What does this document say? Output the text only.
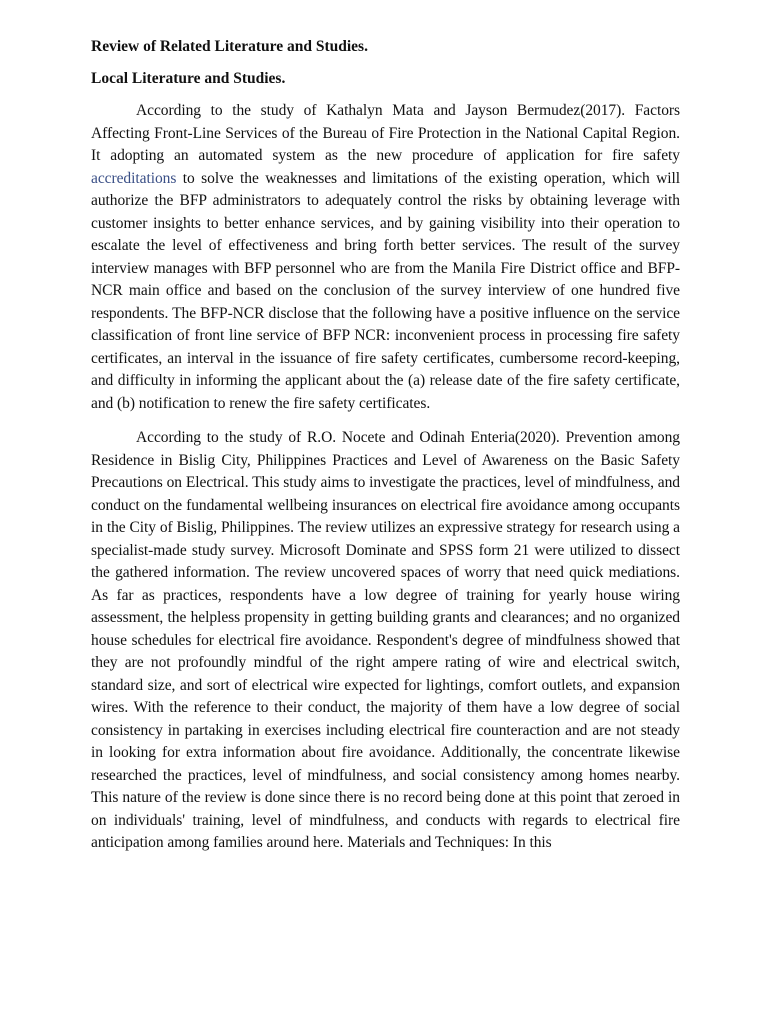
Review of Related Literature and Studies.

Local Literature and Studies.

According to the study of Kathalyn Mata and Jayson Bermudez(2017). Factors Affecting Front-Line Services of the Bureau of Fire Protection in the National Capital Region. It adopting an automated system as the new procedure of application for fire safety accreditations to solve the weaknesses and limitations of the existing operation, which will authorize the BFP administrators to adequately control the risks by obtaining leverage with customer insights to better enhance services, and by gaining visibility into their operation to escalate the level of effectiveness and bring forth better services. The result of the survey interview manages with BFP personnel who are from the Manila Fire District office and BFP-NCR main office and based on the conclusion of the survey interview of one hundred five respondents. The BFP-NCR disclose that the following have a positive influence on the service classification of front line service of BFP NCR: inconvenient process in processing fire safety certificates, an interval in the issuance of fire safety certificates, cumbersome record-keeping, and difficulty in informing the applicant about the (a) release date of the fire safety certificate, and (b) notification to renew the fire safety certificates.

According to the study of R.O. Nocete and Odinah Enteria(2020). Prevention among Residence in Bislig City, Philippines Practices and Level of Awareness on the Basic Safety Precautions on Electrical. This study aims to investigate the practices, level of mindfulness, and conduct on the fundamental wellbeing insurances on electrical fire avoidance among occupants in the City of Bislig, Philippines. The review utilizes an expressive strategy for research using a specialist-made study survey. Microsoft Dominate and SPSS form 21 were utilized to dissect the gathered information. The review uncovered spaces of worry that need quick mediations. As far as practices, respondents have a low degree of training for yearly house wiring assessment, the helpless propensity in getting building grants and clearances; and no organized house schedules for electrical fire avoidance. Respondent's degree of mindfulness showed that they are not profoundly mindful of the right ampere rating of wire and electrical switch, standard size, and sort of electrical wire expected for lightings, comfort outlets, and expansion wires. With the reference to their conduct, the majority of them have a low degree of social consistency in partaking in exercises including electrical fire counteraction and are not steady in looking for extra information about fire avoidance. Additionally, the concentrate likewise researched the practices, level of mindfulness, and social consistency among homes nearby. This nature of the review is done since there is no record being done at this point that zeroed in on individuals' training, level of mindfulness, and conducts with regards to electrical fire anticipation among families around here. Materials and Techniques: In this
